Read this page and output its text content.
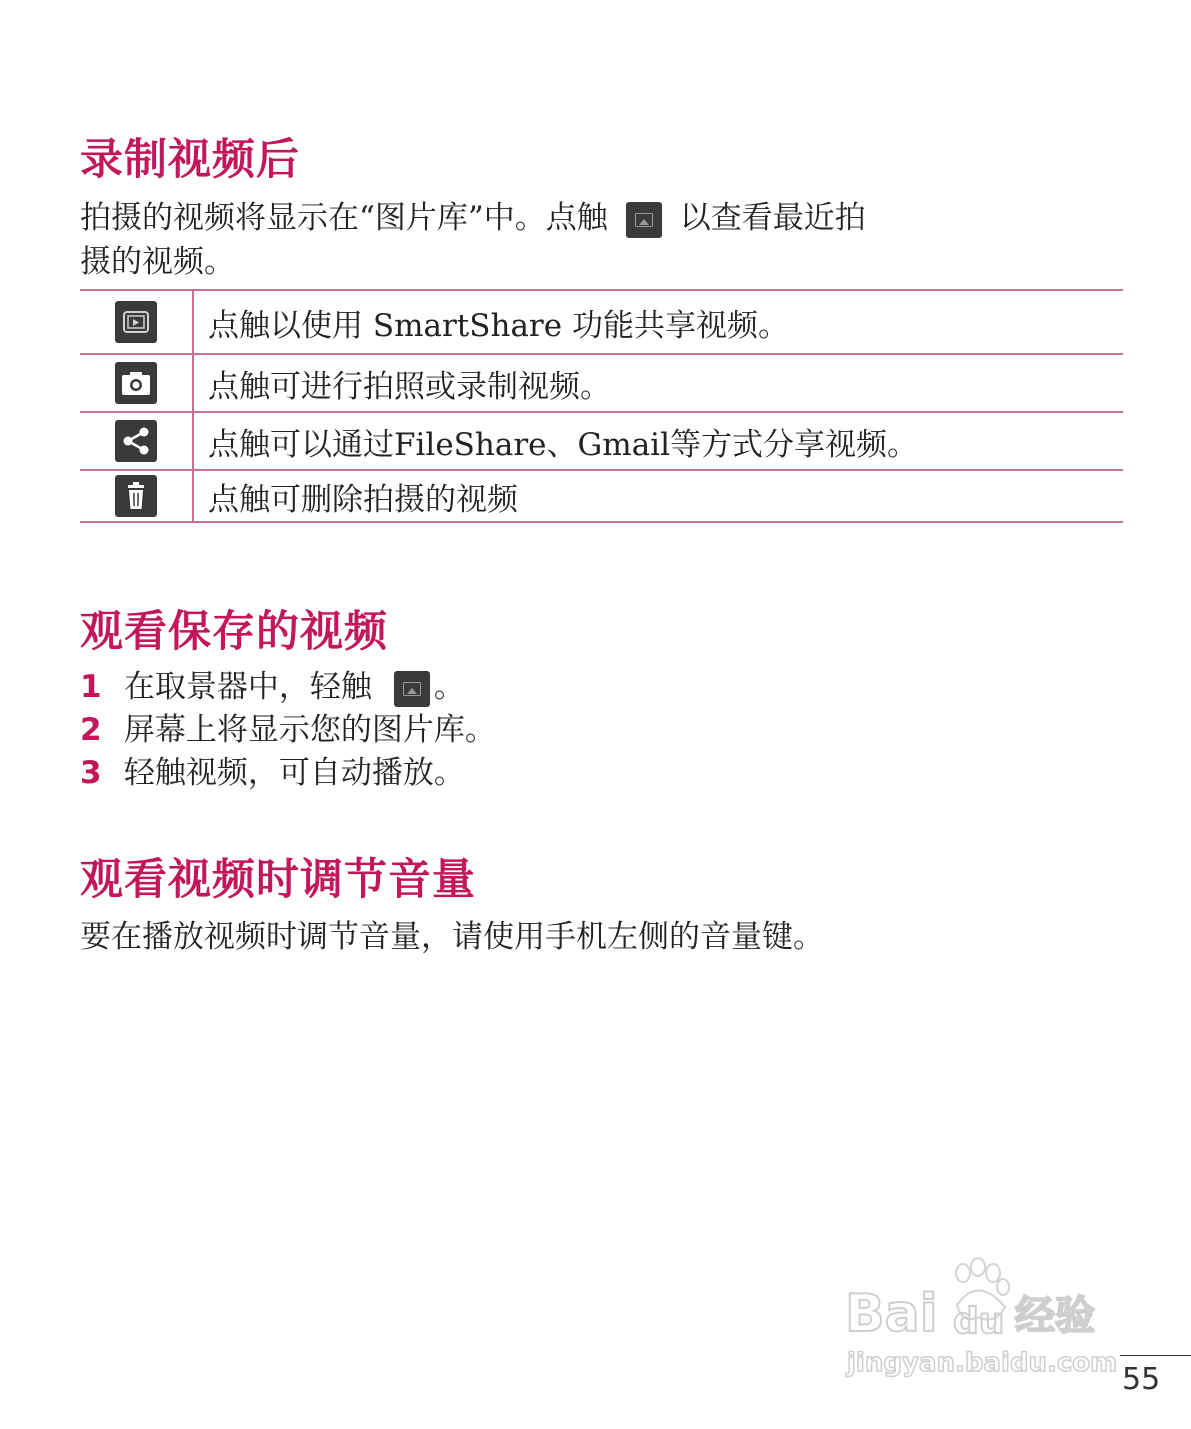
录制视频后

拍摄的视频将显示在“图片库”中。点触 以查看最近拍
摄的视频。

	点触以使用 SmartShare 功能共享视频。

	点触可进行拍照或录制视频。

	点触可以通过FileShare、Gmail等方式分享视频。

	点触可删除拍摄的视频
观看保存的视频
1 在取景器中，轻触 。
2 屏幕上将显示您的图片库。
3 轻触视频，可自动播放。
观看视频时调节音量

要在播放视频时调节音量，请使用手机左侧的音量键。

Bai du 经验
jingyan.baidu.com 55
